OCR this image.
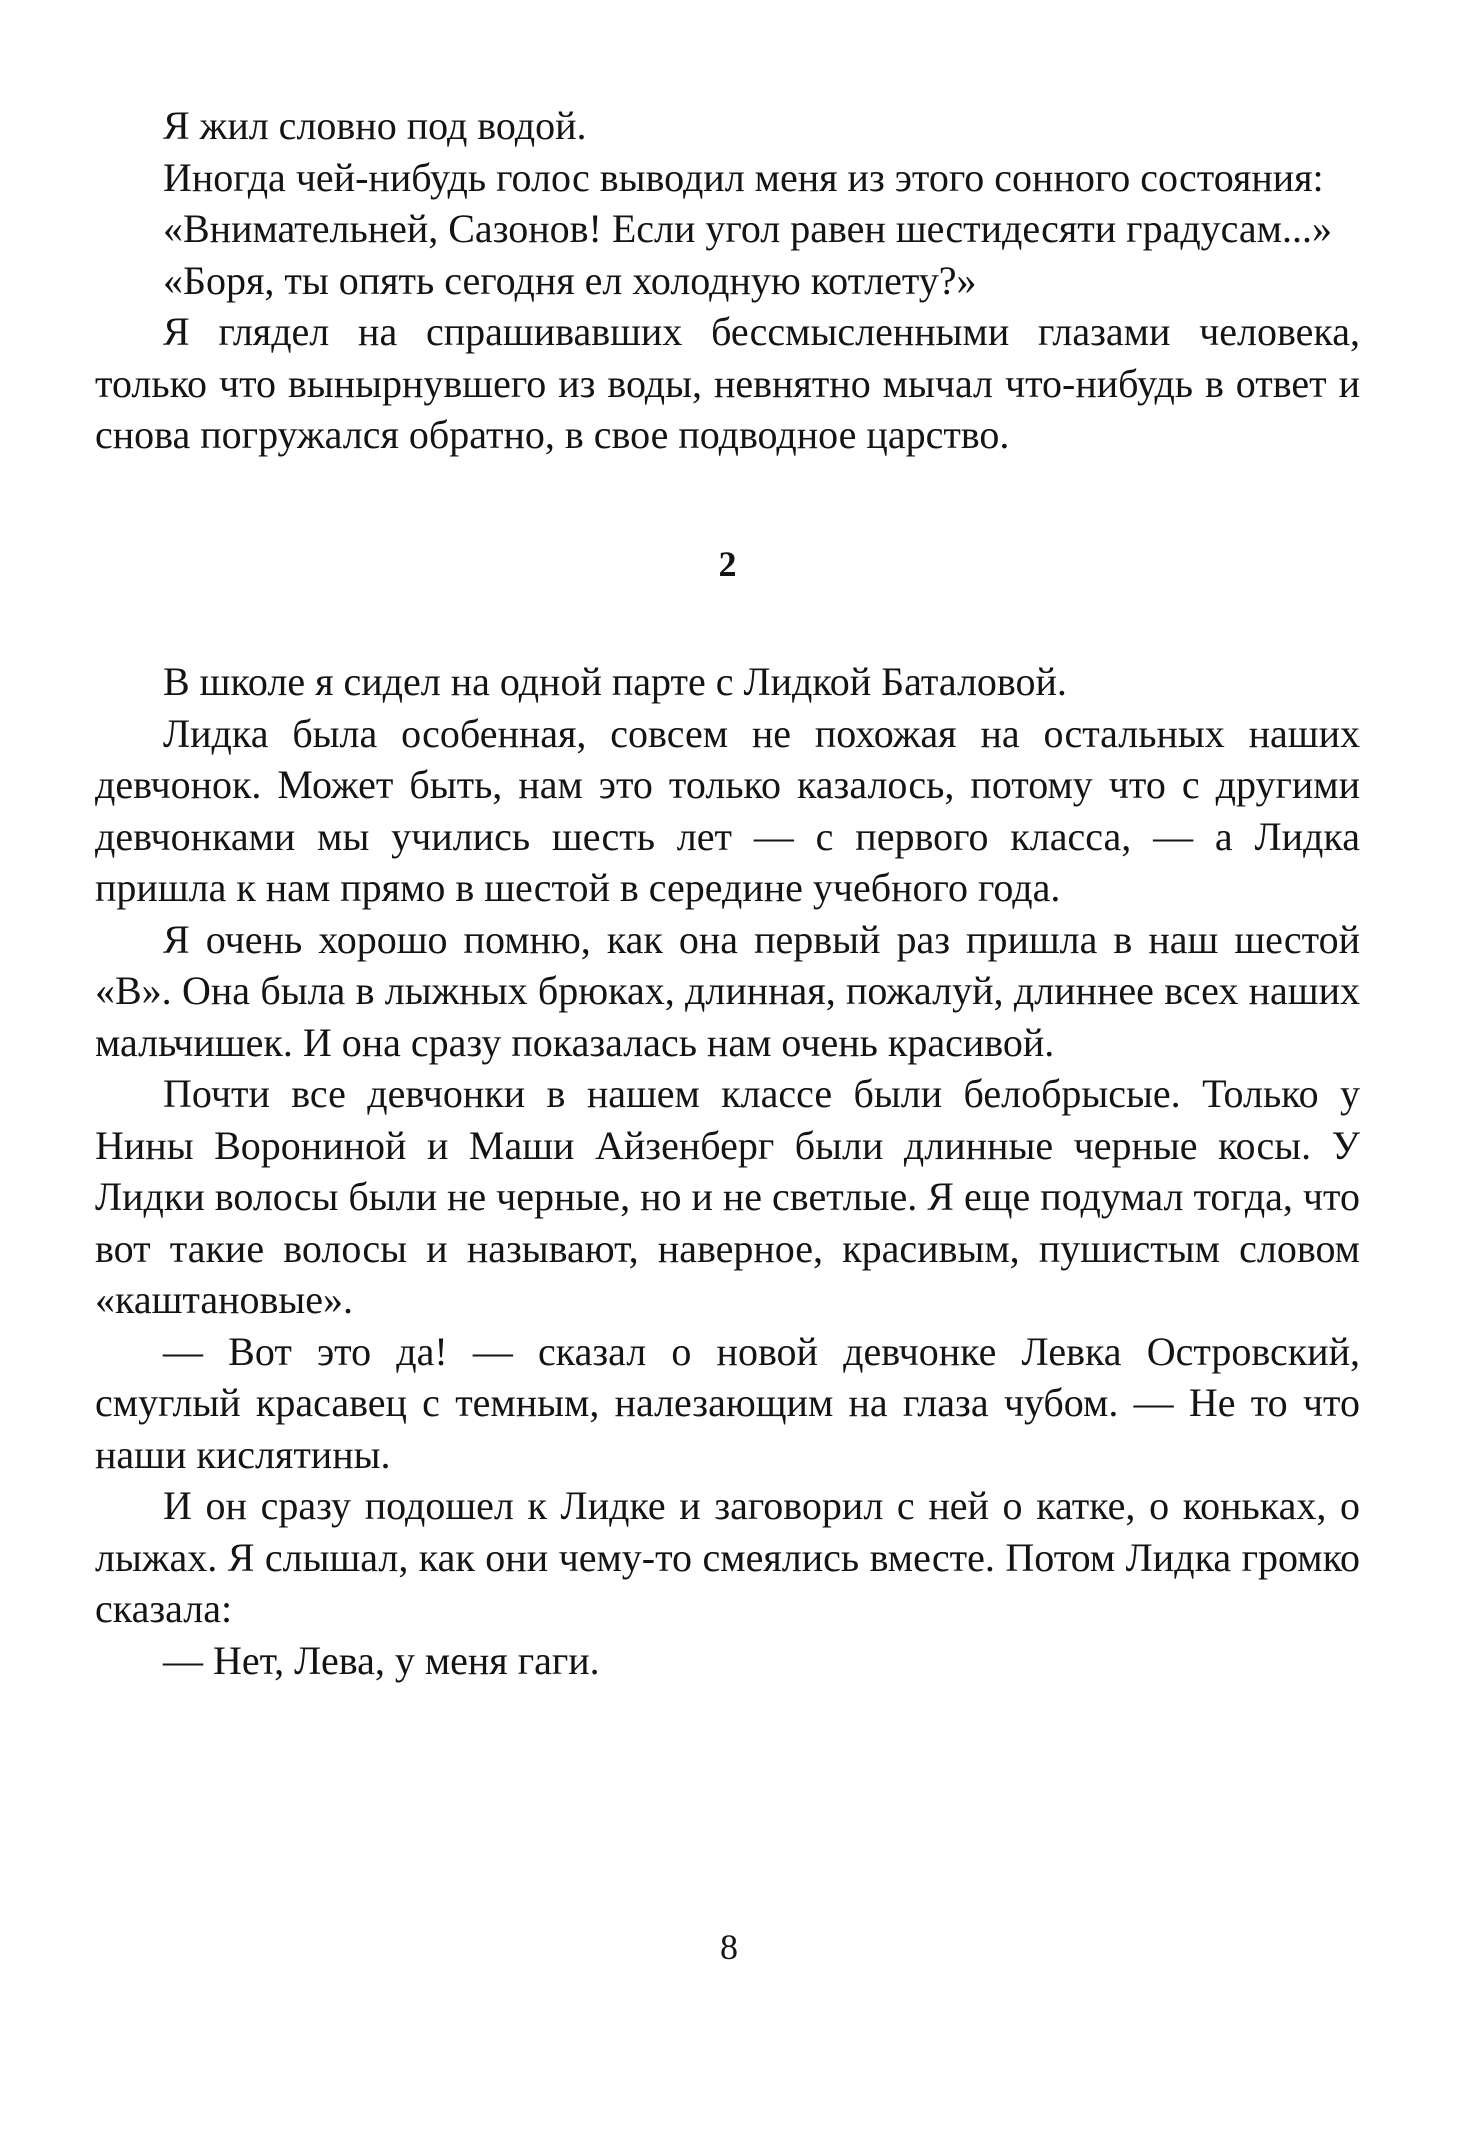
Я жил словно под водой.

Иногда чей-нибудь голос выводил меня из этого сонного состояния:

«Внимательней, Сазонов! Если угол равен шестидесяти градусам...»

«Боря, ты опять сегодня ел холодную котлету?»

Я глядел на спрашивавших бессмысленными глазами человека, только что вынырнувшего из воды, невнятно мычал что-нибудь в ответ и снова погружался обратно, в свое подводное царство.

2

В школе я сидел на одной парте с Лидкой Баталовой.

Лидка была особенная, совсем не похожая на остальных наших девчонок. Может быть, нам это только казалось, потому что с другими девчонками мы учились шесть лет — с первого класса, — а Лидка пришла к нам прямо в шестой в середине учебного года.

Я очень хорошо помню, как она первый раз пришла в наш шестой «В». Она была в лыжных брюках, длинная, пожалуй, длиннее всех наших мальчишек. И она сразу показалась нам очень красивой.

Почти все девчонки в нашем классе были белобрысые. Только у Нины Ворониной и Маши Айзенберг были длинные черные косы. У Лидки волосы были не черные, но и не светлые. Я еще подумал тогда, что вот такие волосы и называют, наверное, красивым, пушистым словом «каштановые».

— Вот это да! — сказал о новой девчонке Левка Островский, смуглый красавец с темным, налезающим на глаза чубом. — Не то что наши кислятины.

И он сразу подошел к Лидке и заговорил с ней о катке, о коньках, о лыжах. Я слышал, как они чему-то смеялись вместе. Потом Лидка громко сказала:

— Нет, Лева, у меня гаги.

8
